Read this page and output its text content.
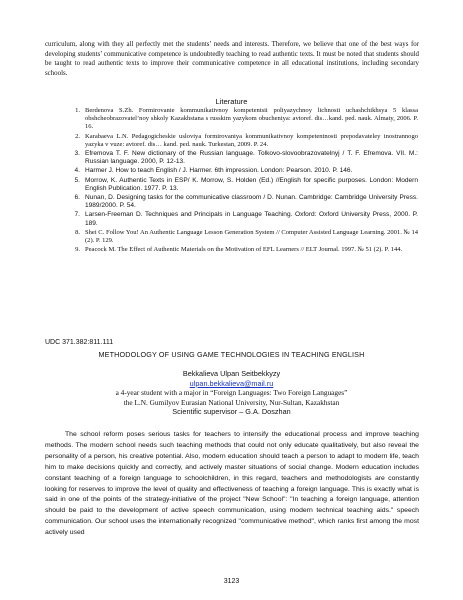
curriculum, along with they all perfectly met the students’ needs and interests. Therefore, we believe that one of the best ways for developing students’ communicative competence is undoubtedly teaching to read authentic texts. It must be noted that students should be taught to read authentic texts to improve their communicative competence in all educational institutions, including secondary schools.

Literature

1. Berdenova S.Zh. Formirovanie kommunikativnoy kompetentsii poliyazychnoy lichnosti uchashchikhsya 5 klassa obshcheobrazovatel’noy shkoly Kazakhstana s russkim yazykom obucheniya: avtoref. dis…kand. ped. nauk. Almaty, 2006. P. 16.
2. Karabaeva L.N. Pedagogicheskie usloviya formirovaniya kommunikativnoy kompetentnosti prepodavateley inostrannogo yazyka v vuze: avtoref. dis… kand. ped. nauk. Turkestan, 2009. P. 24.
3. Efremova T. F. New dictionary of the Russian language. Tolkovo-slovoobrazovatelnyj / T. F. Efremova. VII. M.: Russian language. 2000, P. 12-13.
4. Harmer J. How to teach English / J. Harmer. 6th impression. London: Pearson. 2010. P. 146.
5. Morrow, K. Authentic Texts in ESP/ K. Morrow, S. Holden (Ed.) //English for specific purposes. London: Modern English Publication. 1977. P. 13.
6. Nunan, D. Designing tasks for the communicative classroom / D. Nunan. Cambridge: Cambridge University Press. 1989/2000. P. 54.
7. Larsen-Freeman D. Techniques and Principals in Language Teaching. Oxford: Oxford University Press, 2000. P. 189.
8. Shei C. Follow You! An Authentic Language Lesson Generation System // Computer Assisted Language Learning. 2001. № 14 (2). P. 129.
9. Peacock M. The Effect of Authentic Materials on the Motivation of EFL Learners // ELT Journal. 1997. № 51 (2). P. 144.

UDC 371.382:811.111

METHODOLOGY OF USING GAME TECHNOLOGIES IN TEACHING ENGLISH

Bekkalieva Ulpan Seitbekkyzy

ulpan.bekkalieva@mail.ru

a 4-year student with a major in “Foreign Languages: Two Foreign Languages”

the L.N. Gumilyov Eurasian National University, Nur-Sultan, Kazakhstan

Scientific supervisor – G.A. Doszhan

The school reform poses serious tasks for teachers to intensify the educational process and improve teaching methods. The modern school needs such teaching methods that could not only educate qualitatively, but also reveal the personality of a person, his creative potential. Also, modern education should teach a person to adapt to modern life, teach him to make decisions quickly and correctly, and actively master situations of social change. Modern education includes constant teaching of a foreign language to schoolchildren, in this regard, teachers and methodologists are constantly looking for reserves to improve the level of quality and effectiveness of teaching a foreign language. This is exactly what is said in one of the points of the strategy-initiative of the project "New School": "In teaching a foreign language, attention should be paid to the development of active speech communication, using modern technical teaching aids." speech communication. Our school uses the internationally recognized "communicative method", which ranks first among the most actively used

3123
